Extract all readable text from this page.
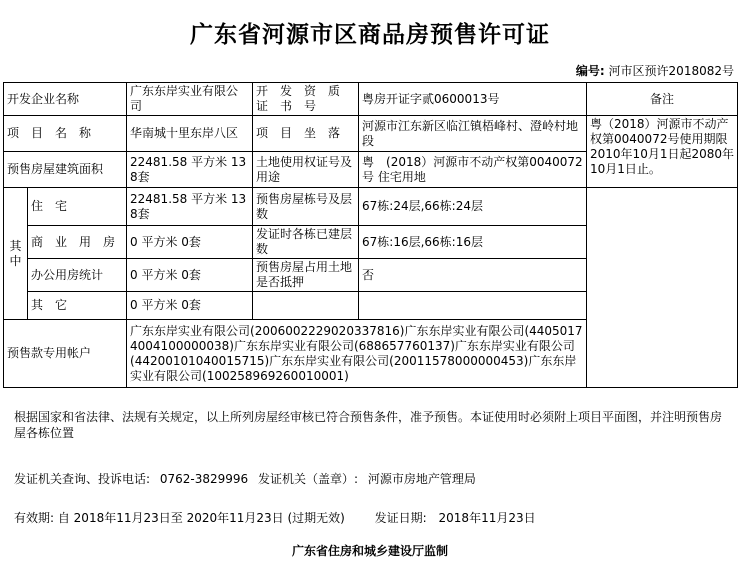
广东省河源市区商品房预售许可证
编号: 河市区预许2018082号
开发企业名称		广东东岸实业有限公司	开　发　资　质　证　书　号	粤房开证字贰0600013号	备注	
项　目　名　称		华南城十里东岸八区	项　目　坐　落	河源市江东新区临江镇梧峰村、澄岭村地段	粤（2018）河源市不动产权第0040072号使用期限2010年10月1日起2080年10月1日止。	
预售房屋建筑面积		22481.58 平方米 138套	土地使用权证号及用途	粤　(2018）河源市不动产权第0040072号 住宅用地		
其中	住　宅	22481.58 平方米 138套	预售房屋栋号及层数	67栋:24层,66栋:24层		
	商　业　用　房	0 平方米 0套	发证时各栋已建层数	67栋:16层,66栋:16层		
	办公用房统计	0 平方米 0套	预售房屋占用土地是否抵押	否		
	其　它	0 平方米 0套				
预售款专用帐户		广东东岸实业有限公司(2006002229020337816)广东东岸实业有限公司(44050174004100000038)广东东岸实业有限公司(688657760137)广东东岸实业有限公司(44200101040015715)广东东岸实业有限公司(20011578000000453)广东东岸实业有限公司(100258969260010001)				
根据国家和省法律、法规有关规定，以上所列房屋经审核已符合预售条件，准予预售。本证使用时必须附上项目平面图，并注明预售房屋各栋位置
发证机关查询、投诉电话: 0762-3829996 发证机关（盖章）: 河源市房地产管理局
有效期: 自 2018年11月23日至 2020年11月23日 (过期无效) 发证日期: 2018年11月23日
广东省住房和城乡建设厅监制
